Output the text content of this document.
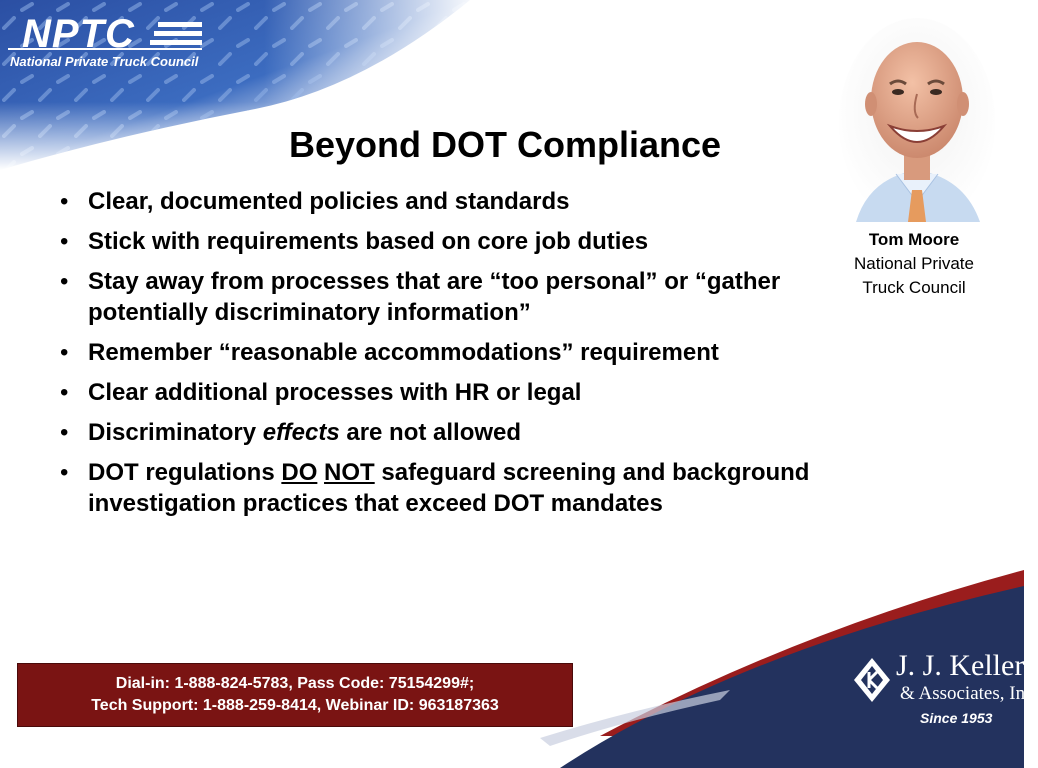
NPTC
National Private Truck Council
Beyond DOT Compliance
• Clear, documented policies and standards
• Stick with requirements based on core job duties
• Stay away from processes that are “too personal” or “gather potentially discriminatory information”
• Remember “reasonable accommodations” requirement
• Clear additional processes with HR or legal
• Discriminatory effects are not allowed
• DOT regulations DO NOT safeguard screening and background investigation practices that exceed DOT mandates
Tom Moore
National Private
Truck Council
J. J. Keller
& Associates, Inc.
Since 1953
Dial-in: 1-888-824-5783, Pass Code: 75154299#;
Tech Support: 1-888-259-8414, Webinar ID: 963187363
